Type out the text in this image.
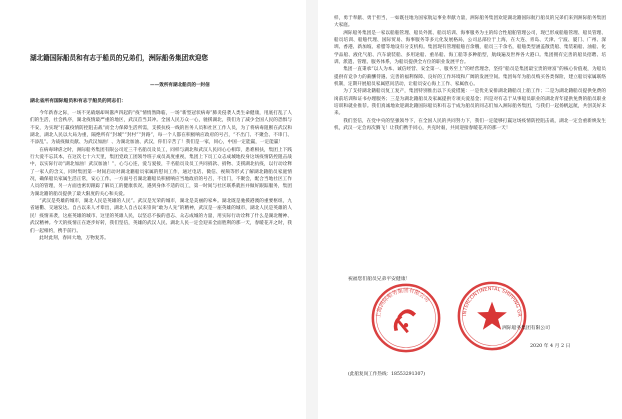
湖北籍国际船员和有志于船员的兄弟们，洲际船务集团欢迎您
——致所有湖北船员的一封信
湖北省所有国际船员和有志于船员的同志们：

今年新春之际，一场不见硝烟却叫嚣声四起的“疫”情悄然降临，一场“新型冠状病毒”肺炎侵袭人类生命健康，甩底打乱了人们的生活，社会秩序，湖北疫情最严重的地区，武汉首当其冲。全国人民万众一心，驰援湖北，我们为了减少全国人民的恐惧与不安，为实现“打赢疫情防控阻击战”而全力保障生活所需，支援抗疫一线的医务人员和社区工作人员，为了将病毒阻断在武汉和湖北，湖北人民以大局为重，隔绝所有“封城”“封村”“封路”，每一个人都在积极响应政府的号召，“不出门、不聚会、不串门、不添乱”。为战疫做贡献、为武汉加油！、为湖北加油、武汉，你们辛苦了！我们是一家，同心，中国一定能赢，一定能赢！

在病毒肆虐之时，洲际船务集团有限公司近三千名船员及员工，同样与湖北和武汉人民同心心相印，患难相扶，集团上下践行大爱不忘其本，在这次七十六天里，集团党政工团领导班子成员高度重视，集团上下员工众志成城地投身这场疫情防控阻击战中，以实际行动“湖北加油！武汉加油！”，心与心连，爱与爱接，千名船员及员工共同捐款、捐物、支援湖北抗疫，以行动诠释了一家人的含义，同时集团第一时间启动对湖北籍船员家属的慰问工作，通过电话、微信、视频等形式了解湖北籍船员家庭情况，确保船员家属生活正常，安心工作。一方面号召湖北籍船员积极响应当地政府的号召，不出门，不聚会，配合当地社区工作人员的管理，另一方面也密切跟踪了解员工的健康状况，遇到身体不适的员工，第一时间与社区联系就医并做好跟踪服务，集团为湖北籍的船员提供了最大限度的关心和关爱。

“武汉是英雄的城市，湖北人民是英雄的人民”。武汉是光荣的城市，湖北是美丽的家乡。湖北既是驰援港澳的重要枢纽，九省通衢、交通发达。自古以来人才辈出，湖北人自古以来崇尚“敢为人先”的精神，武汉是一座英雄的城市，湖北人民是英雄的人民！疫情来袭，这座英雄的城市、这里的英雄人民，以坚忍不拔的意志、众志成城的力量，用实际行动诠释了什么是湖北精神、武汉精神。今天的疫情正在逐步好转，我们坚信，英雄的武汉人民、湖北人民一定会迎来全面胜利的那一天，春暖花开之时，我们一起相约，携手前行。

此时此刻，春回大地，万物复苏。

样，勇于奉献、勇于担当，一如既往地为国家航运事业奉献力量，洲际船务集团欢迎湖北籍国际航行船员的兄弟们来到洲际船务集团大家庭。

洲际船务集团是一家以船舶管理、船员外派、船员培训、海事服务为主的综合性船舶管理公司，现已形成船舶管理、船员管理、船员培训、船舶代理、国际贸易、海事服务等多元化发展格局，公司总部位于上海，在大连、青岛、天津、宁波、厦门、广州、深圳、香港、新加坡、希腊等地设有分支机构。集团现有管理船舶百余艘，船员三千余名，船舶类型涵盖散货船、集装箱船、油船、化学品船、液化气船、汽车滚装船、多用途船、重吊船、海工船等多种船型，航线遍及世界各大港口。集团拥有完善的船员招聘、培训、派遣、管理、服务体系，为船员提供全方位的职业发展平台。

集团一直秉承“以人为本、诚信经营、安全第一、服务至上”的经营理念，坚持“船员是集团最宝贵的财富”的核心价值观，为船员提供有竞争力的薪酬待遇、完善的福利保障、良好的工作环境和广阔的发展空间。集团每年为船员购买各类保险，建立船员家属联络机制，定期开展船员家属慰问活动，让船员安心海上工作、家属放心。

为了支持湖北籍船员复工复产，集团特别推出以下关爱措施：一是优先安排湖北籍船员上船工作；二是为湖北籍船员提供免费的岗前培训和证书办理服务；三是为湖北籍船员及家属提供专项关爱基金；四是对有志于从事船员职业的湖北青年提供免费的船员职业培训和就业推荐。我们真诚地欢迎湖北籍国际船员和有志于成为船员的同志们加入洲际船务集团，与我们一起扬帆远航，共创美好未来。

我们坚信，在党中央的坚强领导下，在全国人民的共同努力下，我们一定能够打赢这场疫情防控阻击战，湖北一定会重新焕发生机，武汉一定会再次腾飞！让我们携手同心，共克时艰，共同迎接春暖花开的那一天！

祝福您们船员兄弟平安健康！
上海洲际船务集团有限公司
INTERCONTINENTAL SHIPPING GR
洲际船务集团有限公司
2020 年 4 月 2 日
(此船复岗工作热线：18553291307)
